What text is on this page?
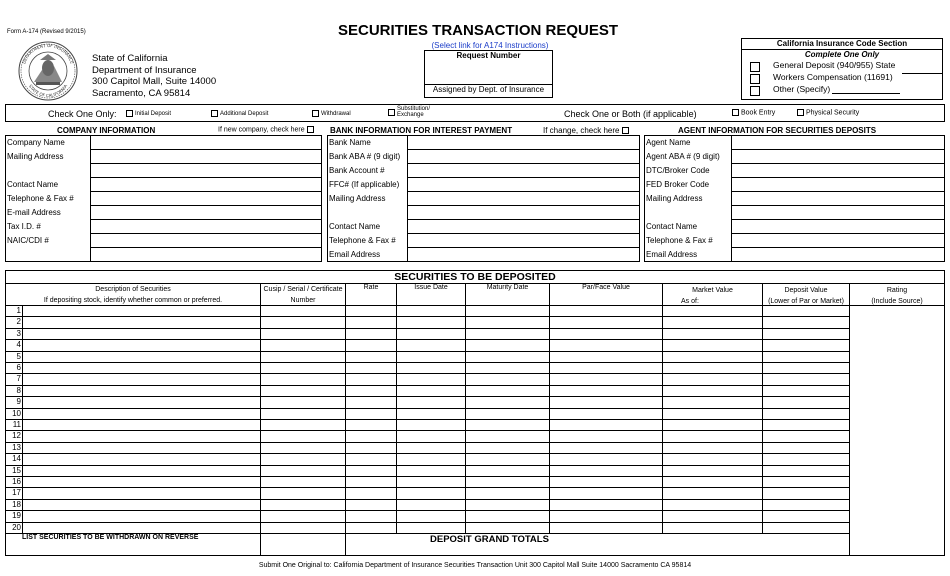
Form A-174 (Revised 9/2015)
DEPARTMENT OF INSURANCE
STATE OF CALIFORNIA
State of California
Department of Insurance
300 Capitol Mall, Suite 14000
Sacramento, CA 95814
SECURITIES TRANSACTION REQUEST
(Select link for A174 Instructions)
Request Number
Assigned by Dept. of Insurance
California Insurance Code Section
Complete One Only
General Deposit (940/955) State
Workers Compensation (11691)
Other (Specify)
Check One Only:	Initial Deposit	Additional Deposit	Withdrawal
Substitution/
Exchange	Check One or Both (if applicable)	Book Entry	Physical Security
COMPANY INFORMATION	If new company, check here	BANK INFORMATION FOR INTEREST PAYMENT	If change, check here	AGENT INFORMATION FOR SECURITIES DEPOSITS
Company Name
Mailing Address
Contact Name
Telephone & Fax #
E-mail Address
Tax I.D. #
NAIC/CDI #
Bank Name
Bank ABA # (9 digit)
Bank Account #
FFC# (If applicable)
Mailing Address
Contact Name
Telephone & Fax #
Email Address
Agent Name
Agent ABA # (9 digit)
DTC/Broker Code
FED Broker Code
Mailing Address
Contact Name
Telephone & Fax #
Email Address
SECURITIES TO BE DEPOSITED
Description of Securities
If depositing stock, identify whether common or preferred.
Cusip / Serial / Certificate
Number
Rate	Issue Date	Maturity Date	Par/Face Value	Market Value
As of:
Deposit Value
(Lower of Par or Market)
Rating
(Include Source)
1
2
3
4
5
6
7
8
9
10
11
12
13
14
15
16
17
18
19
20
LIST SECURITIES TO BE WITHDRAWN ON REVERSE	DEPOSIT GRAND TOTALS
Submit One Original to: California Department of Insurance Securities Transaction Unit 300 Capitol Mall Suite 14000 Sacramento CA 95814
